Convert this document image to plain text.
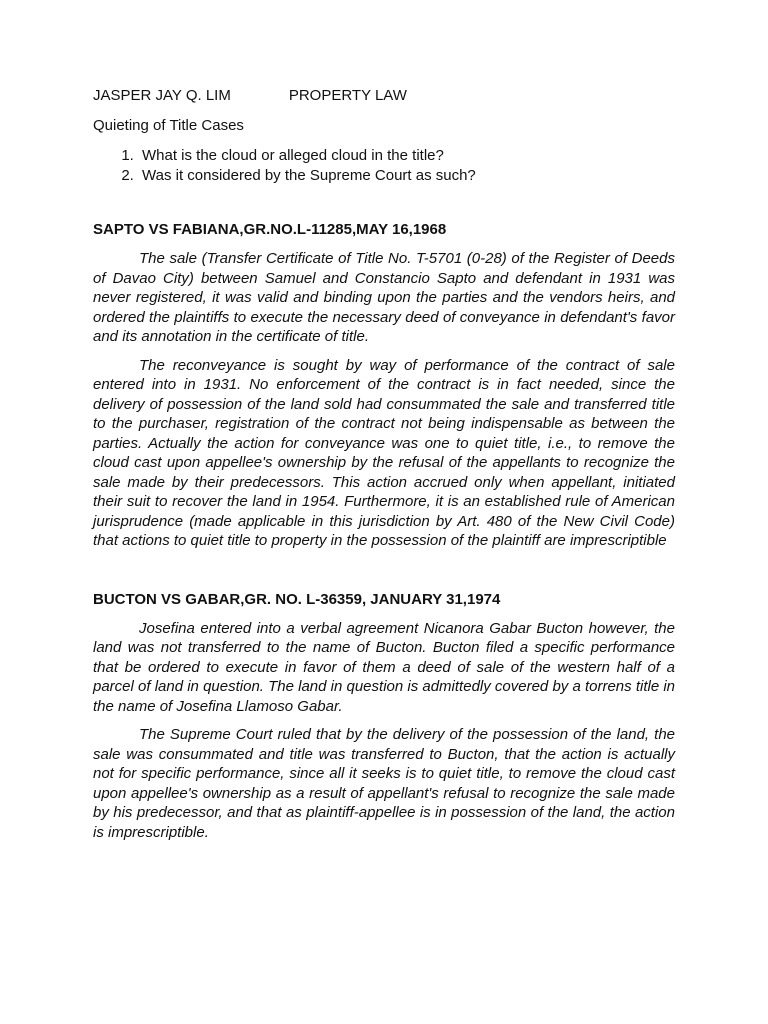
JASPER JAY Q. LIM	PROPERTY LAW
Quieting of Title Cases
1. What is the cloud or alleged cloud in the title?
2. Was it considered by the Supreme Court as such?
SAPTO VS FABIANA,GR.NO.L-11285,MAY 16,1968

The sale (Transfer Certificate of Title No. T-5701 (0-28) of the Register of Deeds of Davao City) between Samuel and Constancio Sapto and defendant in 1931 was never registered, it was valid and binding upon the parties and the vendors heirs, and ordered the plaintiffs to execute the necessary deed of conveyance in defendant's favor and its annotation in the certificate of title.

The reconveyance is sought by way of performance of the contract of sale entered into in 1931. No enforcement of the contract is in fact needed, since the delivery of possession of the land sold had consummated the sale and transferred title to the purchaser, registration of the contract not being indispensable as between the parties. Actually the action for conveyance was one to quiet title, i.e., to remove the cloud cast upon appellee's ownership by the refusal of the appellants to recognize the sale made by their predecessors. This action accrued only when appellant, initiated their suit to recover the land in 1954. Furthermore, it is an established rule of American jurisprudence (made applicable in this jurisdiction by Art. 480 of the New Civil Code) that actions to quiet title to property in the possession of the plaintiff are imprescriptible

BUCTON VS GABAR,GR. NO. L-36359, JANUARY 31,1974

Josefina entered into a verbal agreement Nicanora Gabar Bucton however, the land was not transferred to the name of Bucton. Bucton filed a specific performance that be ordered to execute in favor of them a deed of sale of the western half of a parcel of land in question. The land in question is admittedly covered by a torrens title in the name of Josefina Llamoso Gabar.

The Supreme Court ruled that by the delivery of the possession of the land, the sale was consummated and title was transferred to Bucton, that the action is actually not for specific performance, since all it seeks is to quiet title, to remove the cloud cast upon appellee's ownership as a result of appellant's refusal to recognize the sale made by his predecessor, and that as plaintiff-appellee is in possession of the land, the action is imprescriptible.
